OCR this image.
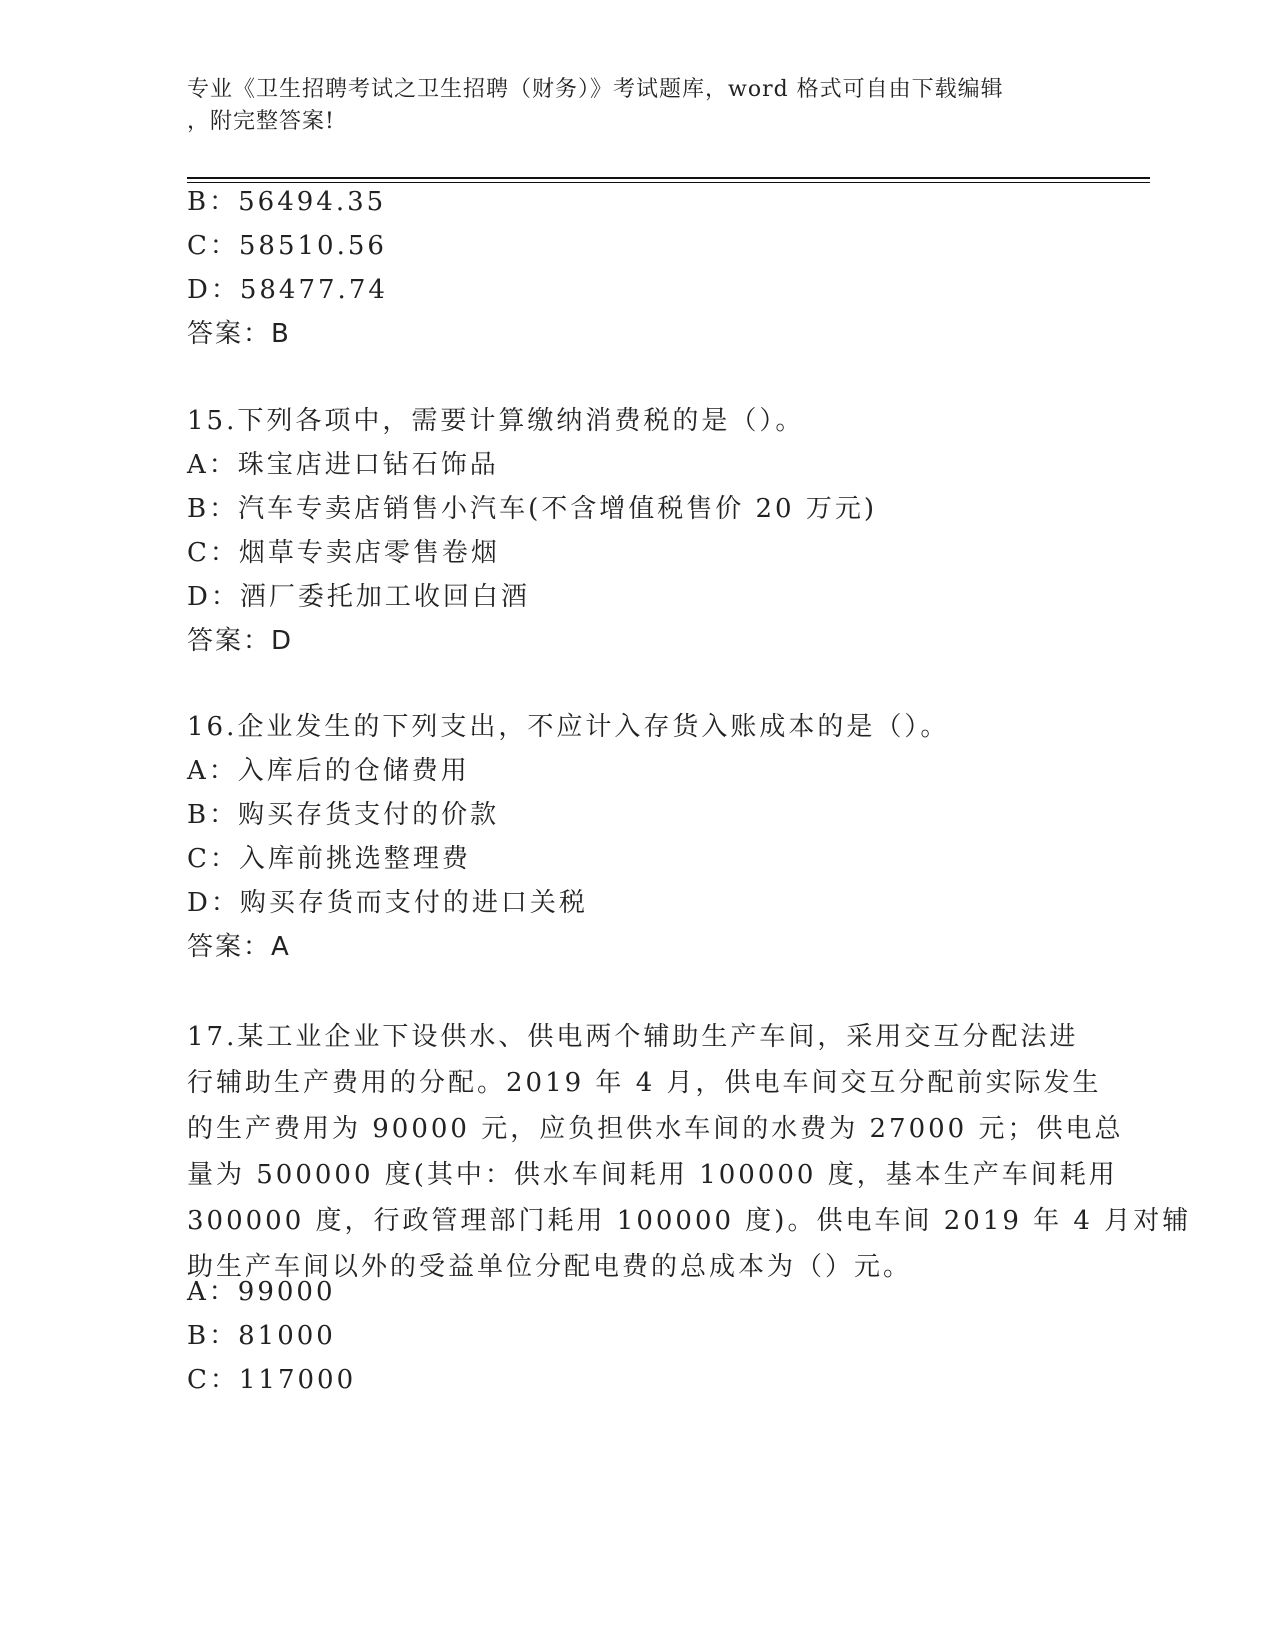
专业《卫生招聘考试之卫生招聘（财务）》考试题库，word 格式可自由下载编辑

，附完整答案!

B：56494.35
C：58510.56
D：58477.74
答案：B
15.下列各项中，需要计算缴纳消费税的是（）。
A：珠宝店进口钻石饰品
B：汽车专卖店销售小汽车(不含增值税售价 20 万元)
C：烟草专卖店零售卷烟
D：酒厂委托加工收回白酒
答案：D
16.企业发生的下列支出，不应计入存货入账成本的是（）。
A：入库后的仓储费用
B：购买存货支付的价款
C：入库前挑选整理费
D：购买存货而支付的进口关税
答案：A

17.某工业企业下设供水、供电两个辅助生产车间，采用交互分配法进

行辅助生产费用的分配。2019 年 4 月，供电车间交互分配前实际发生

的生产费用为 90000 元，应负担供水车间的水费为 27000 元；供电总

量为 500000 度(其中：供水车间耗用 100000 度，基本生产车间耗用

300000 度，行政管理部门耗用 100000 度)。供电车间 2019 年 4 月对辅

助生产车间以外的受益单位分配电费的总成本为（）元。

A：99000
B：81000
C：117000
